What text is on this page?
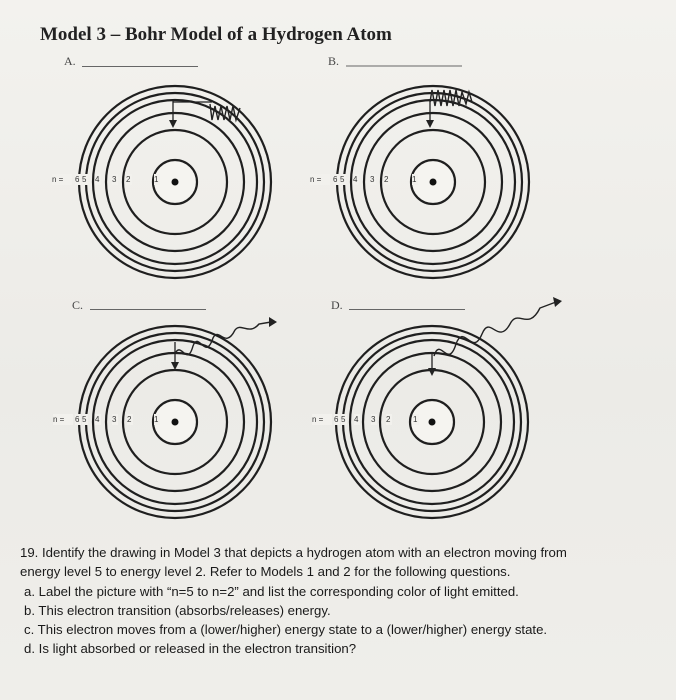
Model 3 – Bohr Model of a Hydrogen Atom
A.
n = 6 5 4 3 2	1
B.
n = 6 5 4 3 2	1
C.
n = 6 5 4 3 2	1
D.
n = 6 5 4 3 2	1
19. Identify the drawing in Model 3 that depicts a hydrogen atom with an electron moving from
energy level 5 to energy level 2. Refer to Models 1 and 2 for the following questions.
a. Label the picture with “n=5 to n=2” and list the corresponding color of light emitted.
b. This electron transition (absorbs/releases) energy.
c. This electron moves from a (lower/higher) energy state to a (lower/higher) energy state.
d. Is light absorbed or released in the electron transition?
